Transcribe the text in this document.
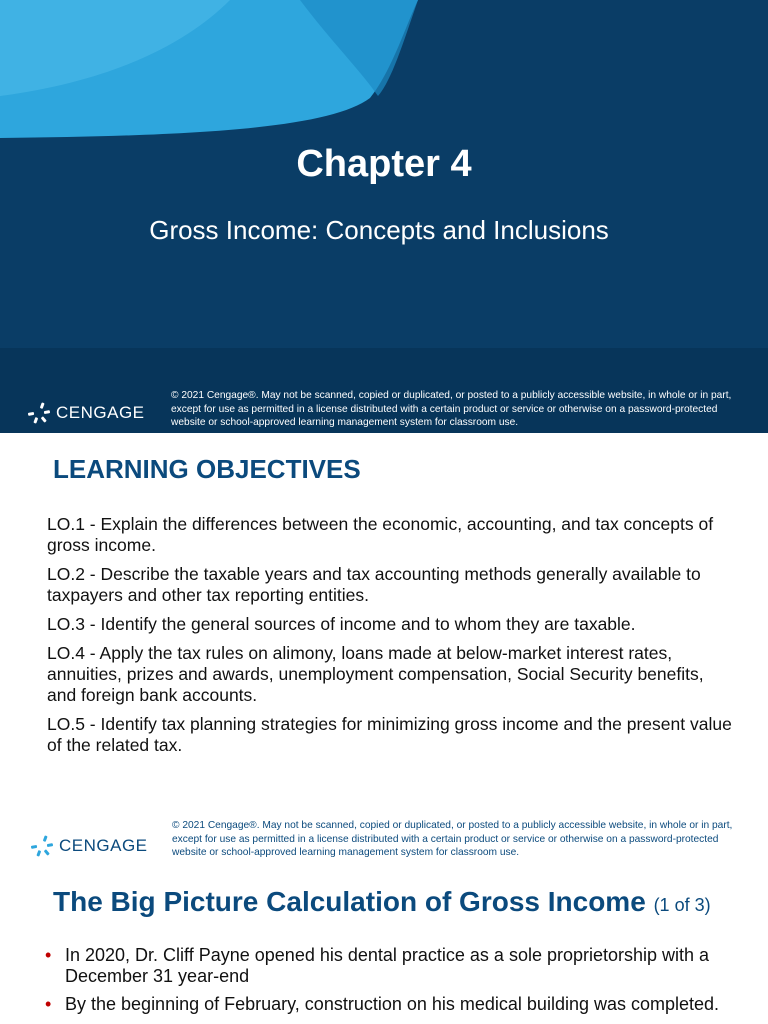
Chapter 4

Gross Income: Concepts and Inclusions

CENGAGE

© 2021 Cengage®. May not be scanned, copied or duplicated, or posted to a publicly accessible website, in whole or in part, except for use as permitted in a license distributed with a certain product or service or otherwise on a password-protected website or school-approved learning management system for classroom use.

LEARNING OBJECTIVES
LO.1 - Explain the differences between the economic, accounting, and tax concepts of gross income.
LO.2 - Describe the taxable years and tax accounting methods generally available to taxpayers and other tax reporting entities.
LO.3 - Identify the general sources of income and to whom they are taxable.
LO.4 - Apply the tax rules on alimony, loans made at below-market interest rates, annuities, prizes and awards, unemployment compensation, Social Security benefits, and foreign bank accounts.
LO.5 - Identify tax planning strategies for minimizing gross income and the present value of the related tax.
CENGAGE

© 2021 Cengage®. May not be scanned, copied or duplicated, or posted to a publicly accessible website, in whole or in part, except for use as permitted in a license distributed with a certain product or service or otherwise on a password-protected website or school-approved learning management system for classroom use.

The Big Picture Calculation of Gross Income (1 of 3)
• In 2020, Dr. Cliff Payne opened his dental practice as a sole proprietorship with a December 31 year-end
• By the beginning of February, construction on his medical building was completed.
